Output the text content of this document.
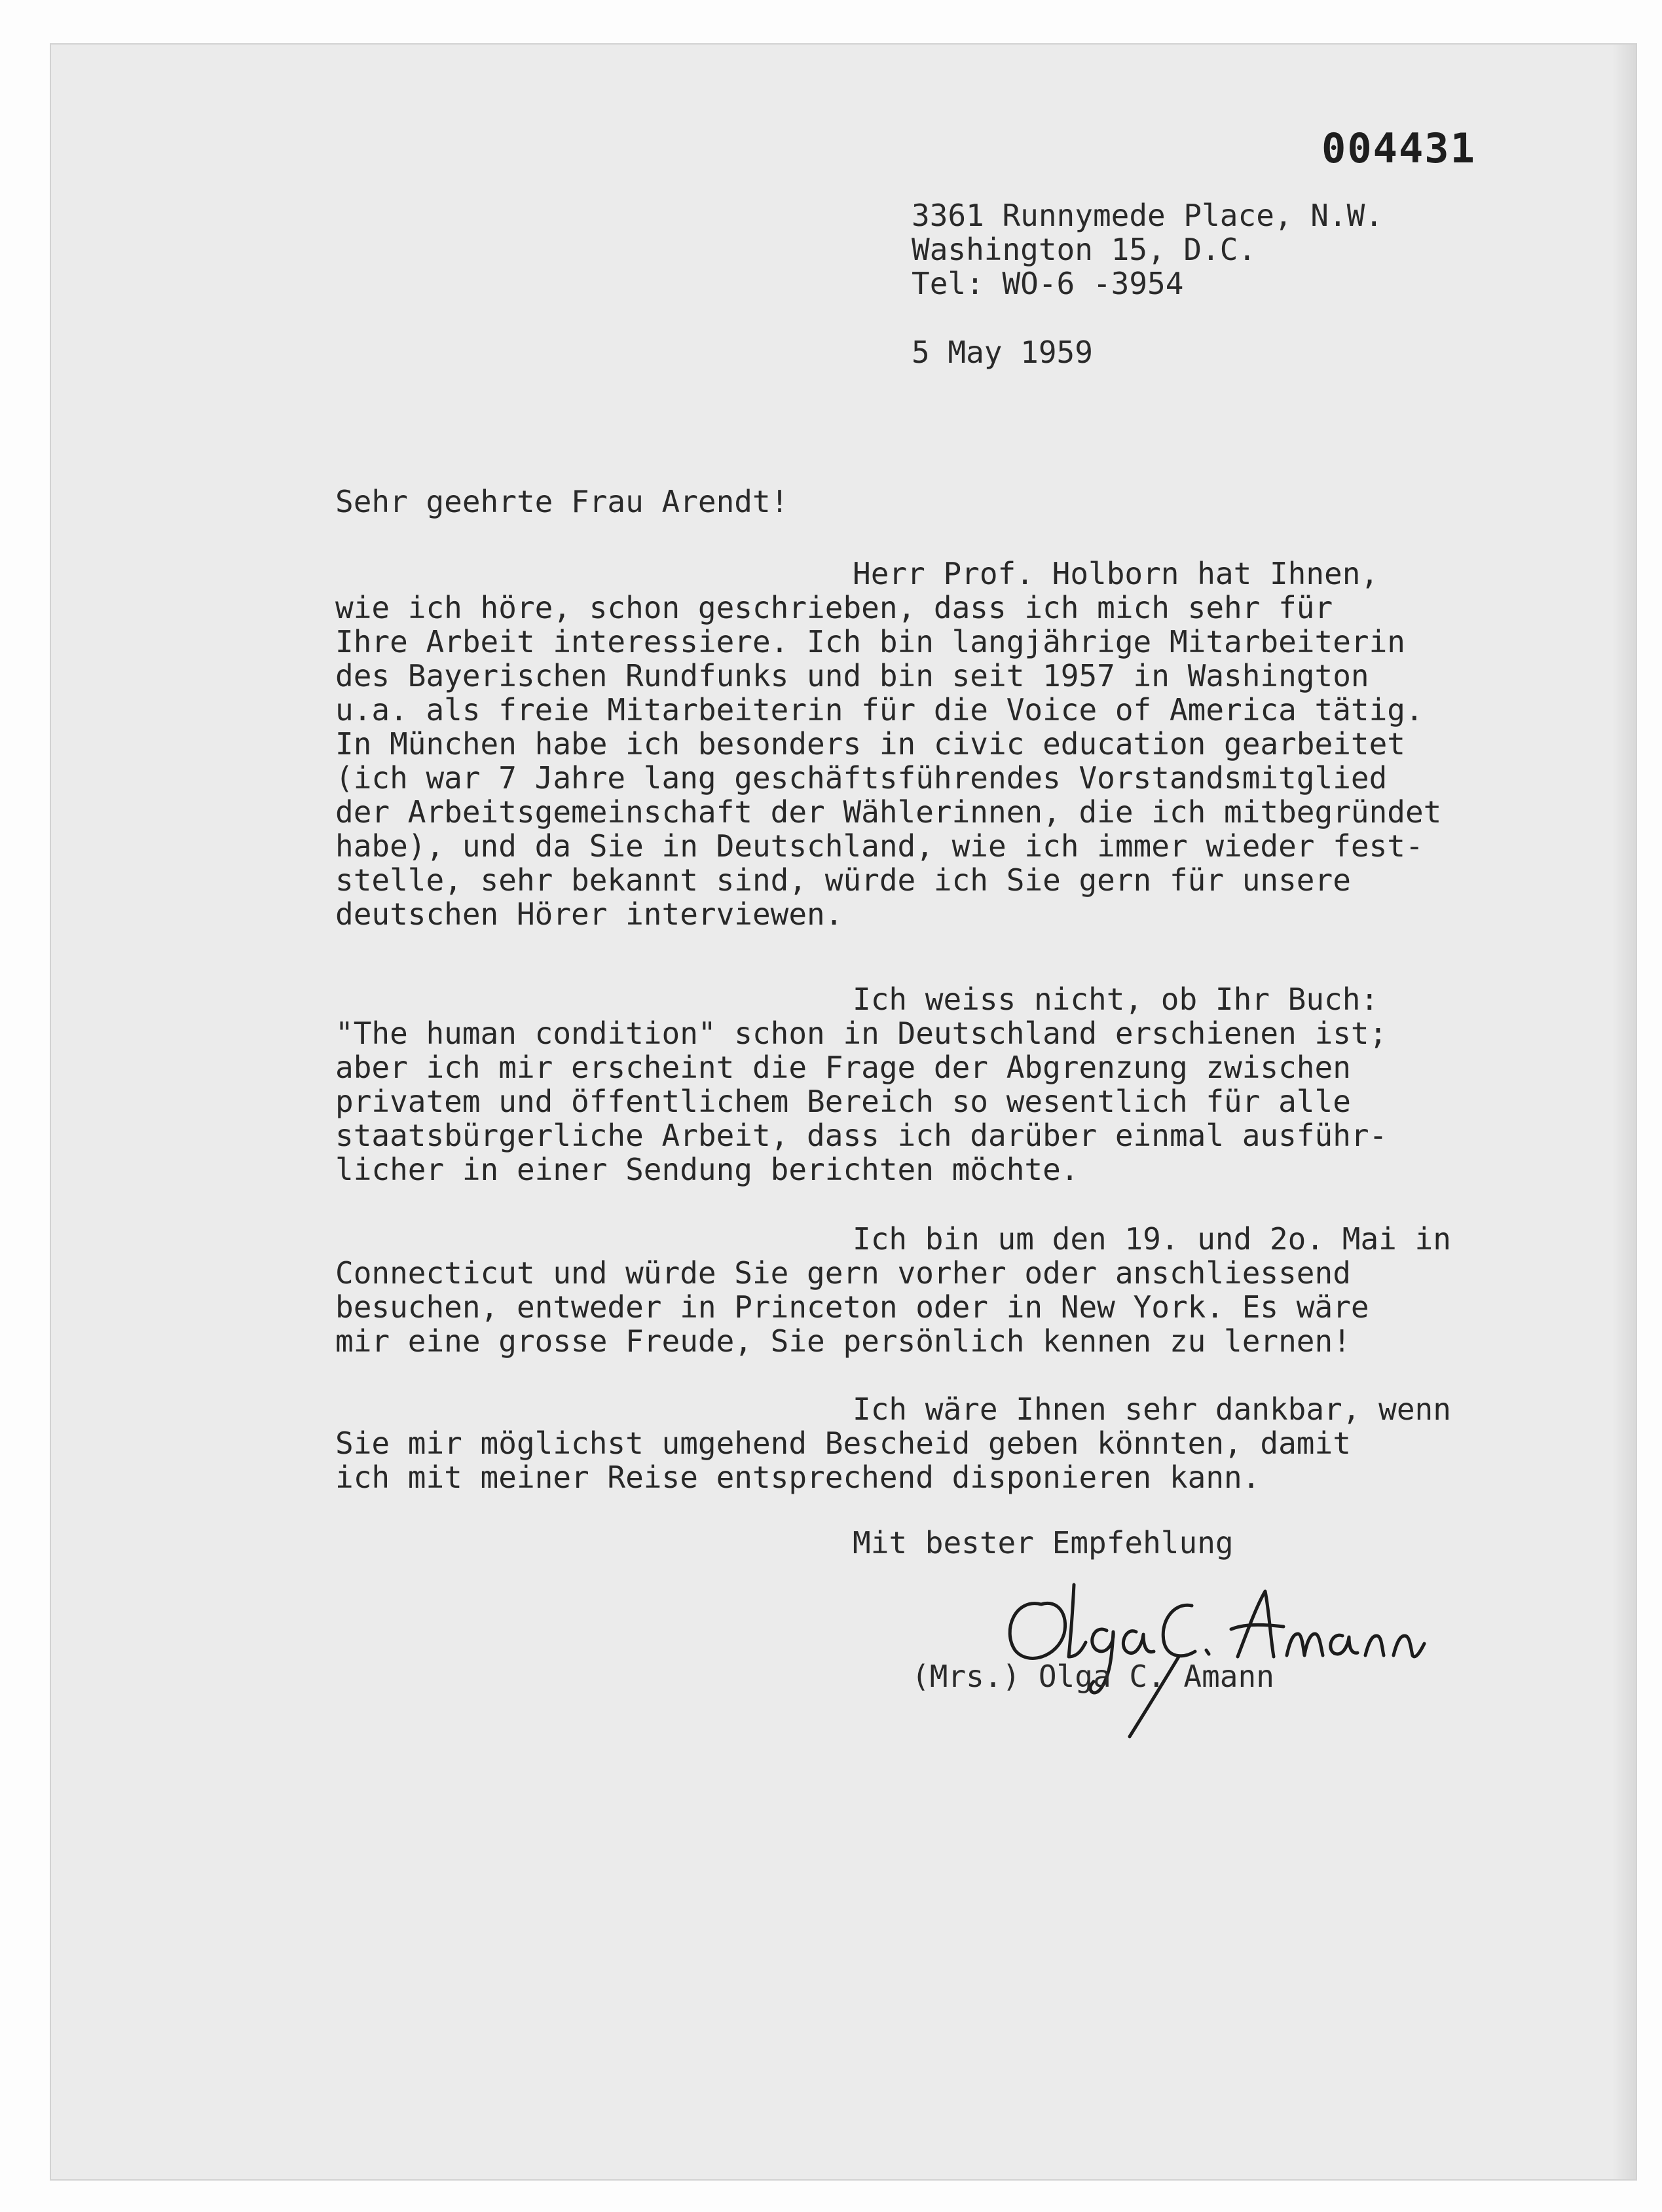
004431
3361 Runnymede Place, N.W.
Washington 15, D.C.
Tel: WO-6 -3954
5 May 1959
Sehr geehrte Frau Arendt!
Herr Prof. Holborn hat Ihnen,
wie ich höre, schon geschrieben, dass ich mich sehr für
Ihre Arbeit interessiere. Ich bin langjährige Mitarbeiterin
des Bayerischen Rundfunks und bin seit 1957 in Washington
u.a. als freie Mitarbeiterin für die Voice of America tätig.
In München habe ich besonders in civic education gearbeitet
(ich war 7 Jahre lang geschäftsführendes Vorstandsmitglied
der Arbeitsgemeinschaft der Wählerinnen, die ich mitbegründet
habe), und da Sie in Deutschland, wie ich immer wieder fest-
stelle, sehr bekannt sind, würde ich Sie gern für unsere
deutschen Hörer interviewen.
Ich weiss nicht, ob Ihr Buch:
"The human condition" schon in Deutschland erschienen ist;
aber ich mir erscheint die Frage der Abgrenzung zwischen
privatem und öffentlichem Bereich so wesentlich für alle
staatsbürgerliche Arbeit, dass ich darüber einmal ausführ-
licher in einer Sendung berichten möchte.
Ich bin um den 19. und 2o. Mai in
Connecticut und würde Sie gern vorher oder anschliessend
besuchen, entweder in Princeton oder in New York. Es wäre
mir eine grosse Freude, Sie persönlich kennen zu lernen!
Ich wäre Ihnen sehr dankbar, wenn
Sie mir möglichst umgehend Bescheid geben könnten, damit
ich mit meiner Reise entsprechend disponieren kann.
Mit bester Empfehlung
(Mrs.) Olga C. Amann
